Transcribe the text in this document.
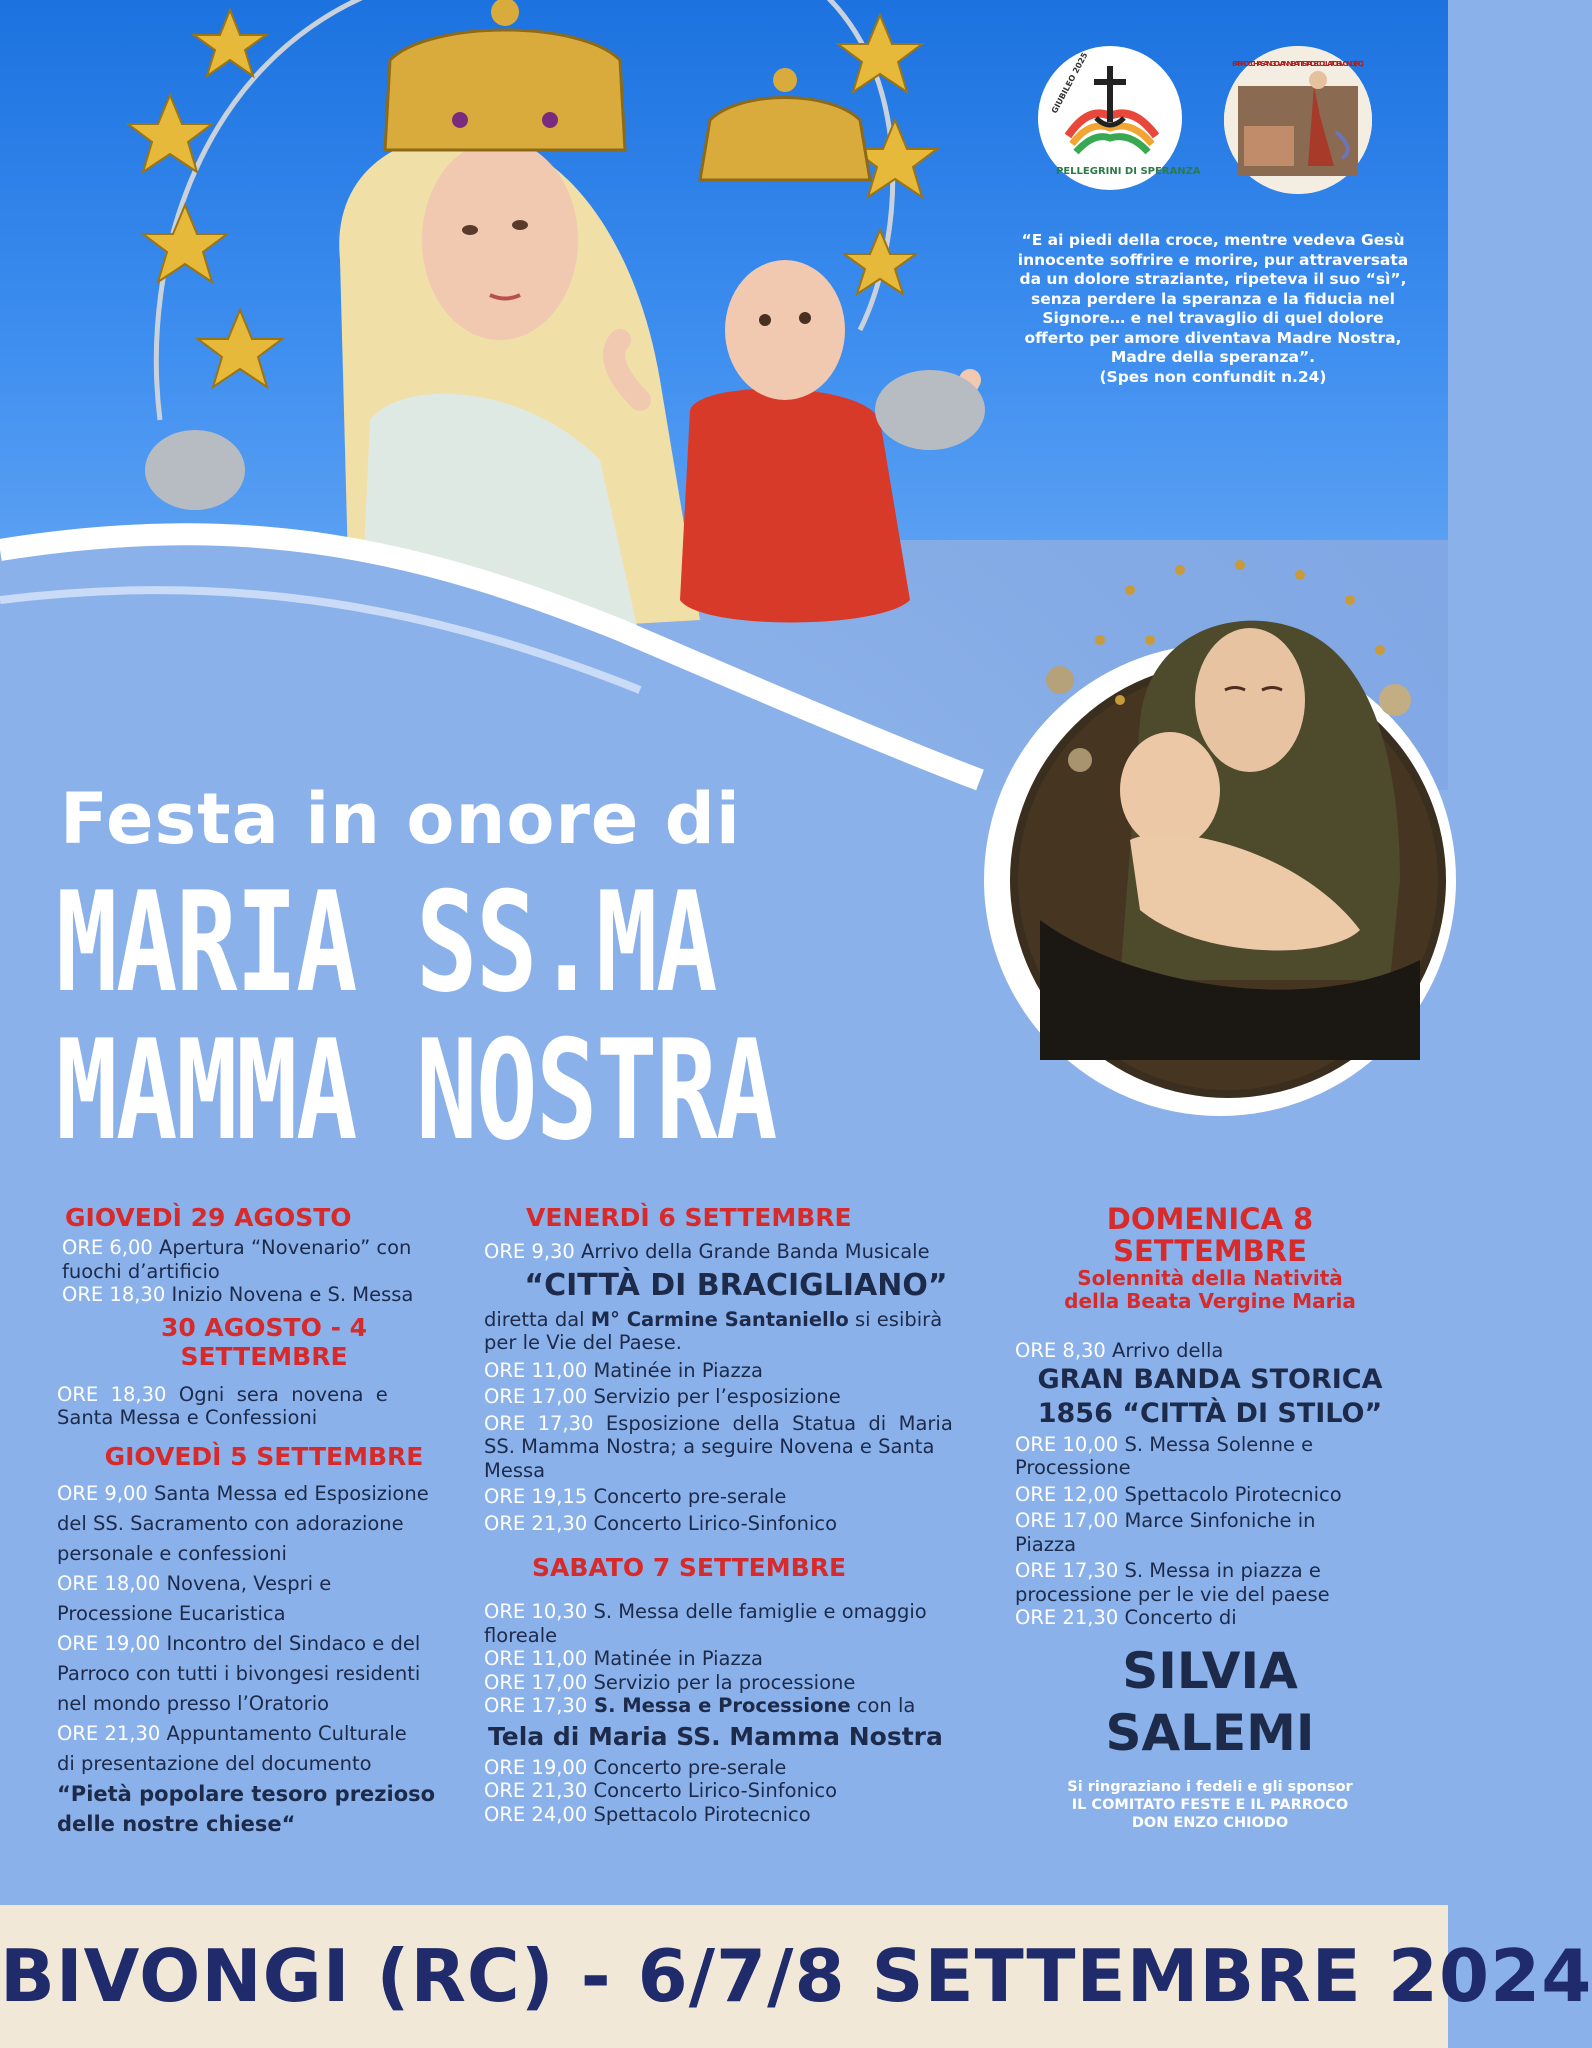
GIUBILEO 2025
PELLEGRINI DI SPERANZA
PARROCCHIA SAN GIOVANNI BATTISTA DECOLLATO BIVONGI (RC)
“E ai piedi della croce, mentre vedeva Gesù
innocente soffrire e morire, pur attraversata
da un dolore straziante, ripeteva il suo “sì”,
senza perdere la speranza e la fiducia nel
Signore… e nel travaglio di quel dolore
offerto per amore diventava Madre Nostra,
Madre della speranza”.
(Spes non confundit n.24)
Festa in onore di
MARIA SS.MA
MAMMA NOSTRA
GIOVEDÌ 29 AGOSTO
ORE 6,00 Apertura “Novenario” con
fuochi d’artificio
ORE 18,30 Inizio Novena e S. Messa
30 AGOSTO - 4
SETTEMBRE
ORE  18,30  Ogni  sera  novena  e
Santa Messa e Confessioni
GIOVEDÌ 5 SETTEMBRE
ORE 9,00 Santa Messa ed Esposizione
del SS. Sacramento con adorazione
personale e confessioni
ORE 18,00 Novena, Vespri e
Processione Eucaristica
ORE 19,00 Incontro del Sindaco e del
Parroco con tutti i bivongesi residenti
nel mondo presso l’Oratorio
ORE 21,30 Appuntamento Culturale
di presentazione del documento
“Pietà popolare tesoro prezioso
delle nostre chiese“
VENERDÌ 6 SETTEMBRE
ORE 9,30 Arrivo della Grande Banda Musicale
“CITTÀ DI BRACIGLIANO”
diretta dal M° Carmine Santaniello si esibirà
per le Vie del Paese.
ORE 11,00 Matinée in Piazza
ORE 17,00 Servizio per l’esposizione
ORE  17,30  Esposizione  della  Statua  di  Maria
SS. Mamma Nostra; a seguire Novena e Santa
Messa
ORE 19,15 Concerto pre-serale
ORE 21,30 Concerto Lirico-Sinfonico
SABATO 7 SETTEMBRE
ORE 10,30 S. Messa delle famiglie e omaggio
floreale
ORE 11,00 Matinée in Piazza
ORE 17,00 Servizio per la processione
ORE 17,30 S. Messa e Processione con la
Tela di Maria SS. Mamma Nostra
ORE 19,00 Concerto pre-serale
ORE 21,30 Concerto Lirico-Sinfonico
ORE 24,00 Spettacolo Pirotecnico
DOMENICA 8
SETTEMBRE
Solennità della Natività
della Beata Vergine Maria
ORE 8,30 Arrivo della
GRAN BANDA STORICA
1856 “CITTÀ DI STILO”
ORE 10,00 S. Messa Solenne e
Processione
ORE 12,00 Spettacolo Pirotecnico
ORE 17,00 Marce Sinfoniche in
Piazza
ORE 17,30 S. Messa in piazza e
processione per le vie del paese
ORE 21,30 Concerto di
SILVIA
SALEMI
Si ringraziano i fedeli e gli sponsor
IL COMITATO FESTE E IL PARROCO
DON ENZO CHIODO
BIVONGI (RC) - 6/7/8 SETTEMBRE 2024
